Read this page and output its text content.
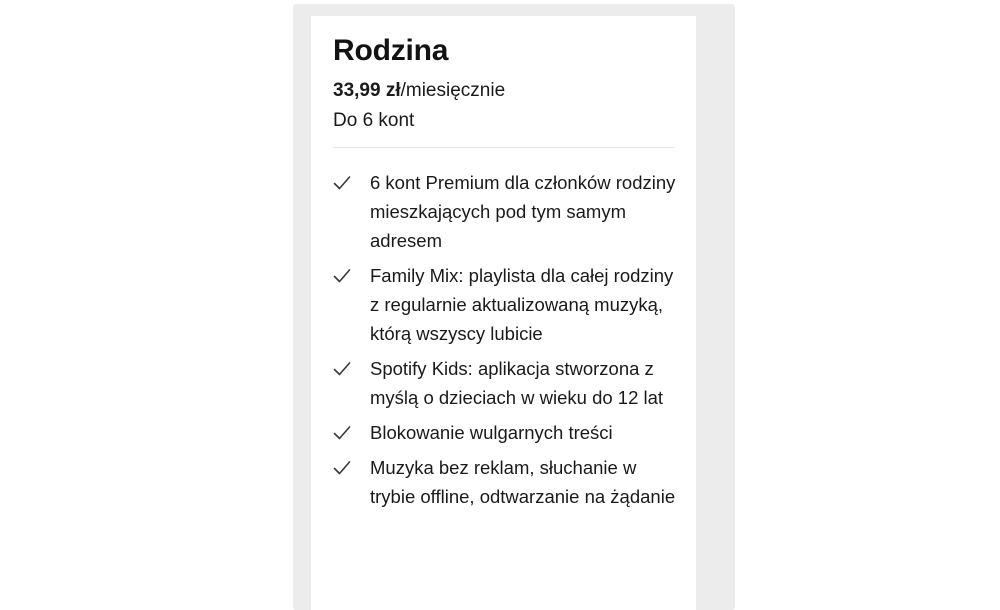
Rodzina
33,99 zł/miesięcznie
Do 6 kont
6 kont Premium dla członków rodziny mieszkających pod tym samym adresem
Family Mix: playlista dla całej rodziny z regularnie aktualizowaną muzyką, którą wszyscy lubicie
Spotify Kids: aplikacja stworzona z myślą o dzieciach w wieku do 12 lat
Blokowanie wulgarnych treści
Muzyka bez reklam, słuchanie w trybie offline, odtwarzanie na żądanie
